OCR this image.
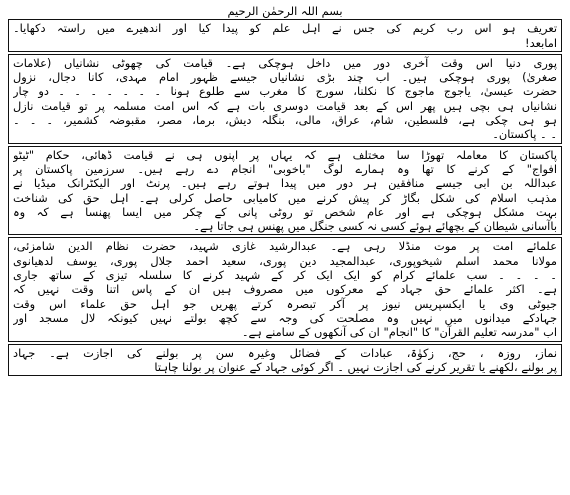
بسم اللہ الرحمٰن الرحیم
تعریف ہو اس رب کریم کی جس نے اہل علم کو پیدا کیا اور اندھیرے میں راستہ دکھایا۔
امابعد!
پوری دنیا اس وقت آخری دور میں داخل ہوچکی ہے۔ قیامت کی چھوٹی نشانیاں (علامات
صغریٰ) پوری ہوچکی ہیں۔ اب چند بڑی نشانیاں جیسے ظہور امام مہدی، کانا دجال، نزول
حضرت عیسیٰ، یاجوج ماجوج کا نکلنا، سورج کا مغرب سے طلوع ہونا ۔ ۔ ۔ ۔ ۔ ۔ ۔ دو چار
نشانیاں ہی بچی ہیں پھر اس کے بعد قیامت دوسری بات ہے کہ اس امت مسلمہ پر تو قیامت نازل
ہو ہی چکی ہے، فلسطین، شام، عراق، مالی، بنگلہ دیش، برما، مصر، مقبوضہ کشمیر، ۔ ۔ ۔
۔ ۔ پاکستان۔
پاکستان کا معاملہ تھوڑا سا مختلف ہے کہ یہاں پر اپنوں ہی نے قیامت ڈھائی، حکام "ٹیٹو
افواج" کے کرنے کا تھا وہ ہمارے لوگ "باخوبی" انجام دے رہے ہیں۔ سرزمین پاکستان پر
عبداللہ بن ابی جیسے منافقین ہر دور میں پیدا ہوتے رہے ہیں۔ پرنٹ اور الیکٹرانک میڈیا نے
مذہب اسلام کی شکل بگاڑ کر پیش کرنے میں کامیابی حاصل کرلی ہے۔ اہل حق کی شناخت
بہت مشکل ہوچکی ہے اور عام شخص تو روٹی پانی کے چکر میں ایسا پھنسا ہے کہ وہ
باآسانی شیطان کے بچھائے ہوئے کسی نہ کسی جنگل میں پھنس ہی جاتا ہے۔
علمائے امت پر موت منڈلا رہی ہے۔ عبدالرشید غازی شہید، حضرت نظام الدین شامزئی،
مولانا محمد اسلم شیخوپوری، عبدالمجید دین پوری، سعید احمد جلال پوری، یوسف لدھیانوی
۔ ۔ ۔ ۔ سب علمائے کرام کو ایک ایک کر کے شہید کرنے کا سلسلہ تیزی کے ساتھ جاری
ہے۔ اکثر علمائے حق جہاد کے معرکوں میں مصروف ہیں ان کے پاس اتنا وقت نہیں کہ
جیوٹی وی یا ایکسپریس نیوز پر آکر تبصرہ کرتے پھریں جو اہل حق علماء اس وقت
جہادکے میدانوں میں نہیں وہ مصلحت کی وجہ سے کچھ بولتے نہیں کیونکہ لال مسجد اور
اب "مدرسہ تعلیم القرآن" کا "انجام" ان کی آنکھوں کے سامنے ہے۔
نماز، روزہ ، حج، زکوٰۃ، عبادات کے فضائل وغیرہ سن پر بولنے کی اجازت ہے۔ جہاد
پر بولنے ،لکھنے یا تقریر کرنے کی اجازت نہیں ۔ اگر کوئی جہاد کے عنوان پر بولنا چاہتا
